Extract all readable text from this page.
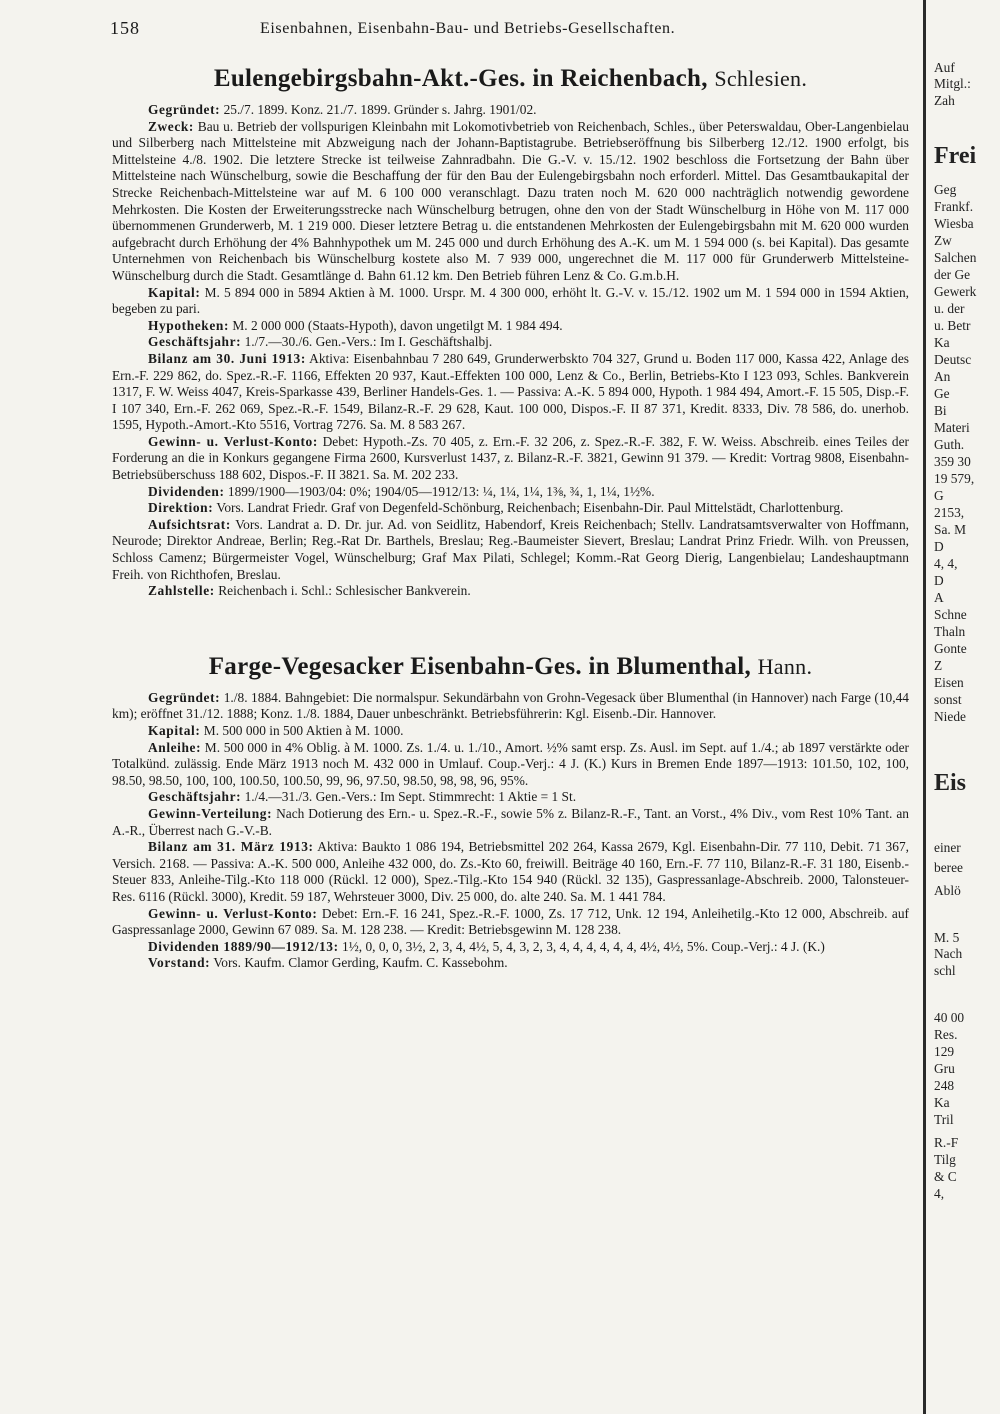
158	Eisenbahnen, Eisenbahn-Bau- und Betriebs-Gesellschaften.
Eulengebirgsbahn-Akt.-Ges. in Reichenbach, Schlesien.

Gegründet: 25./7. 1899. Konz. 21./7. 1899. Gründer s. Jahrg. 1901/02.

Zweck: Bau u. Betrieb der vollspurigen Kleinbahn mit Lokomotivbetrieb von Reichenbach, Schles., über Peterswaldau, Ober-Langenbielau und Silberberg nach Mittelsteine mit Abzweigung nach der Johann-Baptistagrube. Betriebseröffnung bis Silberberg 12./12. 1900 erfolgt, bis Mittelsteine 4./8. 1902. Die letztere Strecke ist teilweise Zahnradbahn. Die G.-V. v. 15./12. 1902 beschloss die Fortsetzung der Bahn über Mittelsteine nach Wünschelburg, sowie die Beschaffung der für den Bau der Eulengebirgsbahn noch erforderl. Mittel. Das Gesamtbaukapital der Strecke Reichenbach-Mittelsteine war auf M. 6 100 000 veranschlagt. Dazu traten noch M. 620 000 nachträglich notwendig gewordene Mehrkosten. Die Kosten der Erweiterungsstrecke nach Wünschelburg betrugen, ohne den von der Stadt Wünschelburg in Höhe von M. 117 000 übernommenen Grunderwerb, M. 1 219 000. Dieser letztere Betrag u. die entstandenen Mehrkosten der Eulengebirgsbahn mit M. 620 000 wurden aufgebracht durch Erhöhung der 4% Bahnhypothek um M. 245 000 und durch Erhöhung des A.-K. um M. 1 594 000 (s. bei Kapital). Das gesamte Unternehmen von Reichenbach bis Wünschelburg kostete also M. 7 939 000, ungerechnet die M. 117 000 für Grunderwerb Mittelsteine-Wünschelburg durch die Stadt. Gesamtlänge d. Bahn 61.12 km. Den Betrieb führen Lenz & Co. G.m.b.H.

Kapital: M. 5 894 000 in 5894 Aktien à M. 1000. Urspr. M. 4 300 000, erhöht lt. G.-V. v. 15./12. 1902 um M. 1 594 000 in 1594 Aktien, begeben zu pari.

Hypotheken: M. 2 000 000 (Staats-Hypoth), davon ungetilgt M. 1 984 494.

Geschäftsjahr: 1./7.—30./6. Gen.-Vers.: Im I. Geschäftshalbj.

Bilanz am 30. Juni 1913: Aktiva: Eisenbahnbau 7 280 649, Grunderwerbskto 704 327, Grund u. Boden 117 000, Kassa 422, Anlage des Ern.-F. 229 862, do. Spez.-R.-F. 1166, Effekten 20 937, Kaut.-Effekten 100 000, Lenz & Co., Berlin, Betriebs-Kto I 123 093, Schles. Bankverein 1317, F. W. Weiss 4047, Kreis-Sparkasse 439, Berliner Handels-Ges. 1. — Passiva: A.-K. 5 894 000, Hypoth. 1 984 494, Amort.-F. 15 505, Disp.-F. I 107 340, Ern.-F. 262 069, Spez.-R.-F. 1549, Bilanz-R.-F. 29 628, Kaut. 100 000, Dispos.-F. II 87 371, Kredit. 8333, Div. 78 586, do. unerhob. 1595, Hypoth.-Amort.-Kto 5516, Vortrag 7276. Sa. M. 8 583 267.

Gewinn- u. Verlust-Konto: Debet: Hypoth.-Zs. 70 405, z. Ern.-F. 32 206, z. Spez.-R.-F. 382, F. W. Weiss. Abschreib. eines Teiles der Forderung an die in Konkurs gegangene Firma 2600, Kursverlust 1437, z. Bilanz-R.-F. 3821, Gewinn 91 379. — Kredit: Vortrag 9808, Eisenbahn-Betriebsüberschuss 188 602, Dispos.-F. II 3821. Sa. M. 202 233.

Dividenden: 1899/1900—1903/04: 0%; 1904/05—1912/13: ¼, 1¼, 1¼, 1⅜, ¾, 1, 1¼, 1½%.

Direktion: Vors. Landrat Friedr. Graf von Degenfeld-Schönburg, Reichenbach; Eisenbahn-Dir. Paul Mittelstädt, Charlottenburg.

Aufsichtsrat: Vors. Landrat a. D. Dr. jur. Ad. von Seidlitz, Habendorf, Kreis Reichenbach; Stellv. Landratsamtsverwalter von Hoffmann, Neurode; Direktor Andreae, Berlin; Reg.-Rat Dr. Barthels, Breslau; Reg.-Baumeister Sievert, Breslau; Landrat Prinz Friedr. Wilh. von Preussen, Schloss Camenz; Bürgermeister Vogel, Wünschelburg; Graf Max Pilati, Schlegel; Komm.-Rat Georg Dierig, Langenbielau; Landeshauptmann Freih. von Richthofen, Breslau.

Zahlstelle: Reichenbach i. Schl.: Schlesischer Bankverein.

Farge-Vegesacker Eisenbahn-Ges. in Blumenthal, Hann.

Gegründet: 1./8. 1884. Bahngebiet: Die normalspur. Sekundärbahn von Grohn-Vegesack über Blumenthal (in Hannover) nach Farge (10,44 km); eröffnet 31./12. 1888; Konz. 1./8. 1884, Dauer unbeschränkt. Betriebsführerin: Kgl. Eisenb.-Dir. Hannover.

Kapital: M. 500 000 in 500 Aktien à M. 1000.

Anleihe: M. 500 000 in 4% Oblig. à M. 1000. Zs. 1./4. u. 1./10., Amort. ½% samt ersp. Zs. Ausl. im Sept. auf 1./4.; ab 1897 verstärkte oder Totalkünd. zulässig. Ende März 1913 noch M. 432 000 in Umlauf. Coup.-Verj.: 4 J. (K.) Kurs in Bremen Ende 1897—1913: 101.50, 102, 100, 98.50, 98.50, 100, 100, 100.50, 100.50, 99, 96, 97.50, 98.50, 98, 98, 96, 95%.

Geschäftsjahr: 1./4.—31./3. Gen.-Vers.: Im Sept. Stimmrecht: 1 Aktie = 1 St.

Gewinn-Verteilung: Nach Dotierung des Ern.- u. Spez.-R.-F., sowie 5% z. Bilanz-R.-F., Tant. an Vorst., 4% Div., vom Rest 10% Tant. an A.-R., Überrest nach G.-V.-B.

Bilanz am 31. März 1913: Aktiva: Baukto 1 086 194, Betriebsmittel 202 264, Kassa 2679, Kgl. Eisenbahn-Dir. 77 110, Debit. 71 367, Versich. 2168. — Passiva: A.-K. 500 000, Anleihe 432 000, do. Zs.-Kto 60, freiwill. Beiträge 40 160, Ern.-F. 77 110, Bilanz-R.-F. 31 180, Eisenb.-Steuer 833, Anleihe-Tilg.-Kto 118 000 (Rückl. 12 000), Spez.-Tilg.-Kto 154 940 (Rückl. 32 135), Gaspressanlage-Abschreib. 2000, Talonsteuer-Res. 6116 (Rückl. 3000), Kredit. 59 187, Wehrsteuer 3000, Div. 25 000, do. alte 240. Sa. M. 1 441 784.

Gewinn- u. Verlust-Konto: Debet: Ern.-F. 16 241, Spez.-R.-F. 1000, Zs. 17 712, Unk. 12 194, Anleihetilg.-Kto 12 000, Abschreib. auf Gaspressanlage 2000, Gewinn 67 089. Sa. M. 128 238. — Kredit: Betriebsgewinn M. 128 238.

Dividenden 1889/90—1912/13: 1½, 0, 0, 0, 3½, 2, 3, 4, 4½, 5, 4, 3, 2, 3, 4, 4, 4, 4, 4, 4, 4½, 4½, 5%. Coup.-Verj.: 4 J. (K.)

Vorstand: Vors. Kaufm. Clamor Gerding, Kaufm. C. Kassebohm.

Auf
Mitgl.:
Zah
Frei
Geg
Frankf.
Wiesba
Zw
Salchen
der Ge
Gewerk
u. der
u. Betr
Ka
Deutsc
An
Ge
Bi
Materi
Guth.
359 30
19 579,
G
2153,
Sa. M
D
4, 4,
D
A
Schne
Thaln
Gonte
Z
Eisen
sonst
Niede
Eis
einer
beree
Ablö
M. 5
Nach
schl
40 00
Res.
129
Gru
248
Ka
Tril
R.-F
Tilg
& C
4,
